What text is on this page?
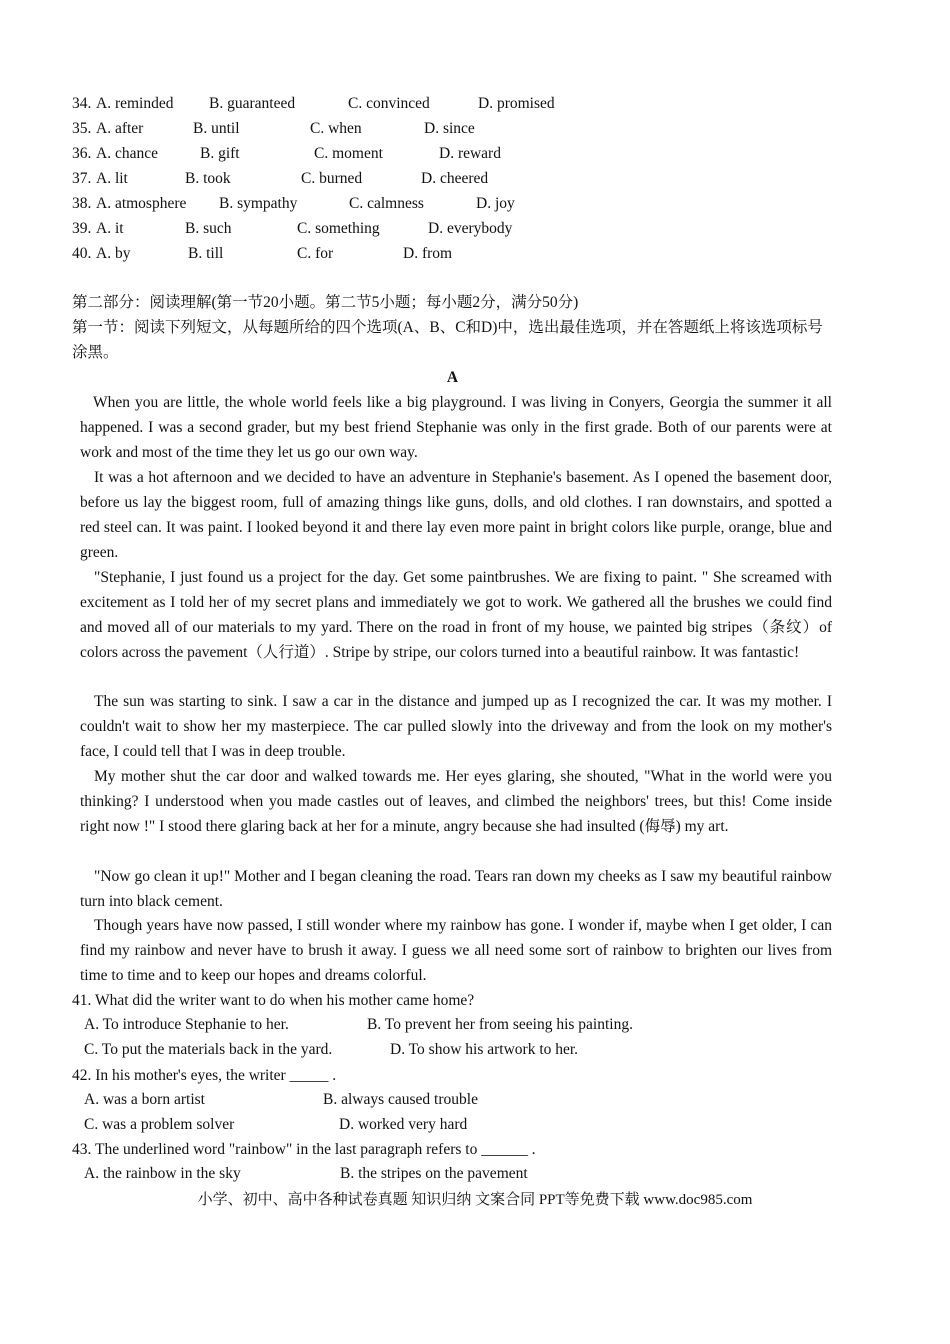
34. A. reminded B. guaranteed	C. convinced	D. promised
35. A. after	B. until	C. when	D. since
36. A. chance	B. gift	C. moment	D. reward
37. A. lit	B. took	C. burned	D. cheered
38. A. atmosphere B. sympathy	C. calmness	D. joy
39. A. it	B. such	C. something	D. everybody
40. A. by	B. till	C. for	D. from
第二部分：阅读理解(第一节20小题。第二节5小题；每小题2分，满分50分)
第一节：阅读下列短文，从每题所给的四个选项(A、B、C和D)中，选出最佳选项，并在答题纸上将该选项标号涂黑。
A
When you are little, the whole world feels like a big playground. I was living in Conyers, Georgia the summer it all happened. I was a second grader, but my best friend Stephanie was only in the first grade. Both of our parents were at work and most of the time they let us go our own way.
It was a hot afternoon and we decided to have an adventure in Stephanie's basement. As I opened the basement door, before us lay the biggest room, full of amazing things like guns, dolls, and old clothes. I ran downstairs, and spotted a red steel can. It was paint. I looked beyond it and there lay even more paint in bright colors like purple, orange, blue and green.
"Stephanie, I just found us a project for the day. Get some paintbrushes. We are fixing to paint. " She screamed with excitement as I told her of my secret plans and immediately we got to work. We gathered all the brushes we could find and moved all of our materials to my yard. There on the road in front of my house, we painted big stripes（条纹）of colors across the pavement（人行道）. Stripe by stripe, our colors turned into a beautiful rainbow. It was fantastic!
The sun was starting to sink. I saw a car in the distance and jumped up as I recognized the car. It was my mother. I couldn't wait to show her my masterpiece. The car pulled slowly into the driveway and from the look on my mother's face, I could tell that I was in deep trouble.
My mother shut the car door and walked towards me. Her eyes glaring, she shouted, "What in the world were you thinking? I understood when you made castles out of leaves, and climbed the neighbors' trees, but this! Come inside right now !" I stood there glaring back at her for a minute, angry because she had insulted (侮辱) my art.
"Now go clean it up!" Mother and I began cleaning the road. Tears ran down my cheeks as I saw my beautiful rainbow turn into black cement.
Though years have now passed, I still wonder where my rainbow has gone. I wonder if, maybe when I get older, I can find my rainbow and never have to brush it away. I guess we all need some sort of rainbow to brighten our lives from time to time and to keep our hopes and dreams colorful.
41. What did the writer want to do when his mother came home?
A. To introduce Stephanie to her.	B. To prevent her from seeing his painting.
C. To put the materials back in the yard.	D. To show his artwork to her.
42. In his mother's eyes, the writer _____ .
A. was a born artist	B. always caused trouble
C. was a problem solver	D. worked very hard
43. The underlined word "rainbow" in the last paragraph refers to ______ .
A. the rainbow in the sky	B. the stripes on the pavement
小学、初中、高中各种试卷真题 知识归纳 文案合同 PPT等免费下载 www.doc985.com
